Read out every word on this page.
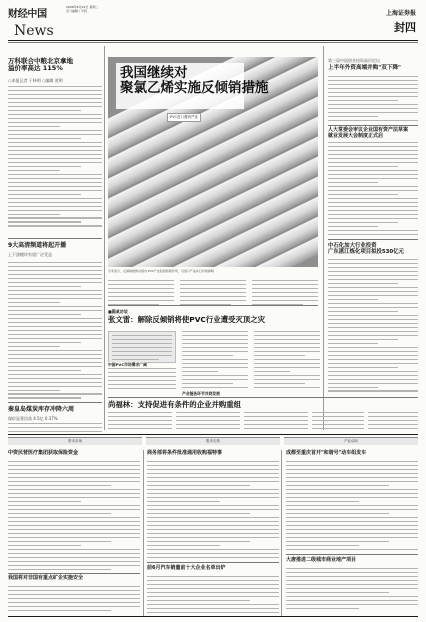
财经中国
2008年6月29日 星期二
见习编辑 / 号码
News
上海证券报
封四
万科联合中粮北京拿地
溢价率高达 115%
○本报记者 于林明 ○编辑 贾明
9大高清频道将起开播
上下游模块有望广泛受益
秦皇岛煤炭库存冲降六周
煤价显著回落 4.5亿 0.37%
我国继续对
聚氯乙烯实施反倾销措施
PVC进口遭到严惩
专家表示，反倾销措施对国内 PVC产业起到积极作用，对进口产品实行有效抑制
■圆桌访谈
张文雷：解除反倾销将使PVC行业遭受灭顶之灾
中国PVC市场需求广阔
产业链各环节共同发展
尚福林：支持促进有条件的企业并购重组
第三届中国创业投资高层论坛
上半年外资高端并购"双下降"
人大常委会审议企业国有资产法草案
就业发展大会制度正式启
中石化加大行业投资
广东湛江炼化项目拟投530亿元
资本市场	股市走势	产业动向
中资民营医疗集团获取保险资金
我国将对非国有重点矿企实施安全
商务部将条件批准通用收购福特事
前6月汽车销量前十大企业名单出炉
成都至重庆首开"和谐号"动车组发车
大唐推进二级城市商业地产项目
